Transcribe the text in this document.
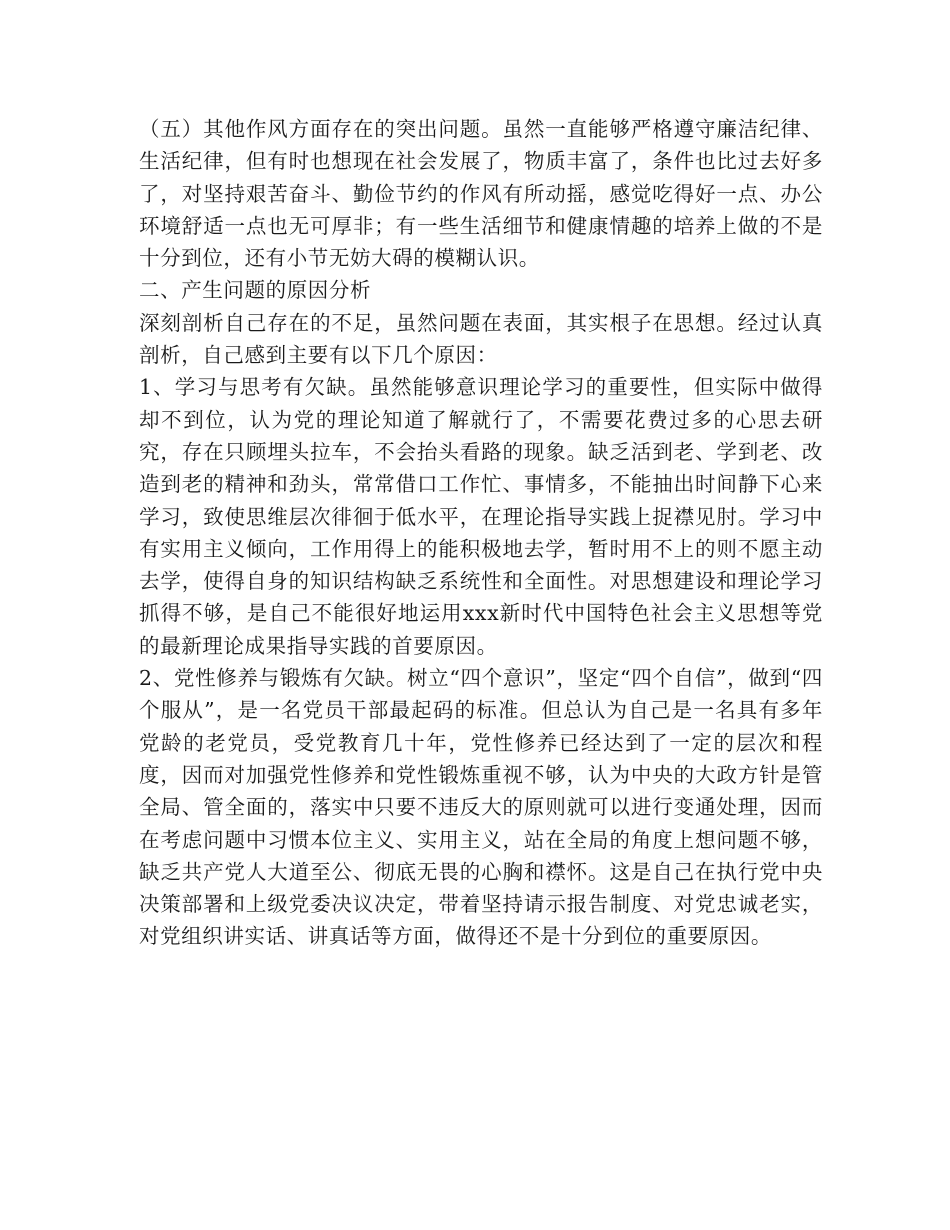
（五）其他作风方面存在的突出问题。虽然一直能够严格遵守廉洁纪律、生活纪律，但有时也想现在社会发展了，物质丰富了，条件也比过去好多了，对坚持艰苦奋斗、勤俭节约的作风有所动摇，感觉吃得好一点、办公环境舒适一点也无可厚非；有一些生活细节和健康情趣的培养上做的不是十分到位，还有小节无妨大碍的模糊认识。

二、产生问题的原因分析

深刻剖析自己存在的不足，虽然问题在表面，其实根子在思想。经过认真剖析，自己感到主要有以下几个原因：

1、学习与思考有欠缺。虽然能够意识理论学习的重要性，但实际中做得却不到位，认为党的理论知道了解就行了，不需要花费过多的心思去研究，存在只顾埋头拉车，不会抬头看路的现象。缺乏活到老、学到老、改造到老的精神和劲头，常常借口工作忙、事情多，不能抽出时间静下心来学习，致使思维层次徘徊于低水平，在理论指导实践上捉襟见肘。学习中有实用主义倾向，工作用得上的能积极地去学，暂时用不上的则不愿主动去学，使得自身的知识结构缺乏系统性和全面性。对思想建设和理论学习抓得不够，是自己不能很好地运用xxx新时代中国特色社会主义思想等党的最新理论成果指导实践的首要原因。

2、党性修养与锻炼有欠缺。树立“四个意识”，坚定“四个自信”，做到“四个服从”，是一名党员干部最起码的标准。但总认为自己是一名具有多年党龄的老党员，受党教育几十年，党性修养已经达到了一定的层次和程度，因而对加强党性修养和党性锻炼重视不够，认为中央的大政方针是管全局、管全面的，落实中只要不违反大的原则就可以进行变通处理，因而在考虑问题中习惯本位主义、实用主义，站在全局的角度上想问题不够，缺乏共产党人大道至公、彻底无畏的心胸和襟怀。这是自己在执行党中央决策部署和上级党委决议决定，带着坚持请示报告制度、对党忠诚老实，对党组织讲实话、讲真话等方面，做得还不是十分到位的重要原因。
